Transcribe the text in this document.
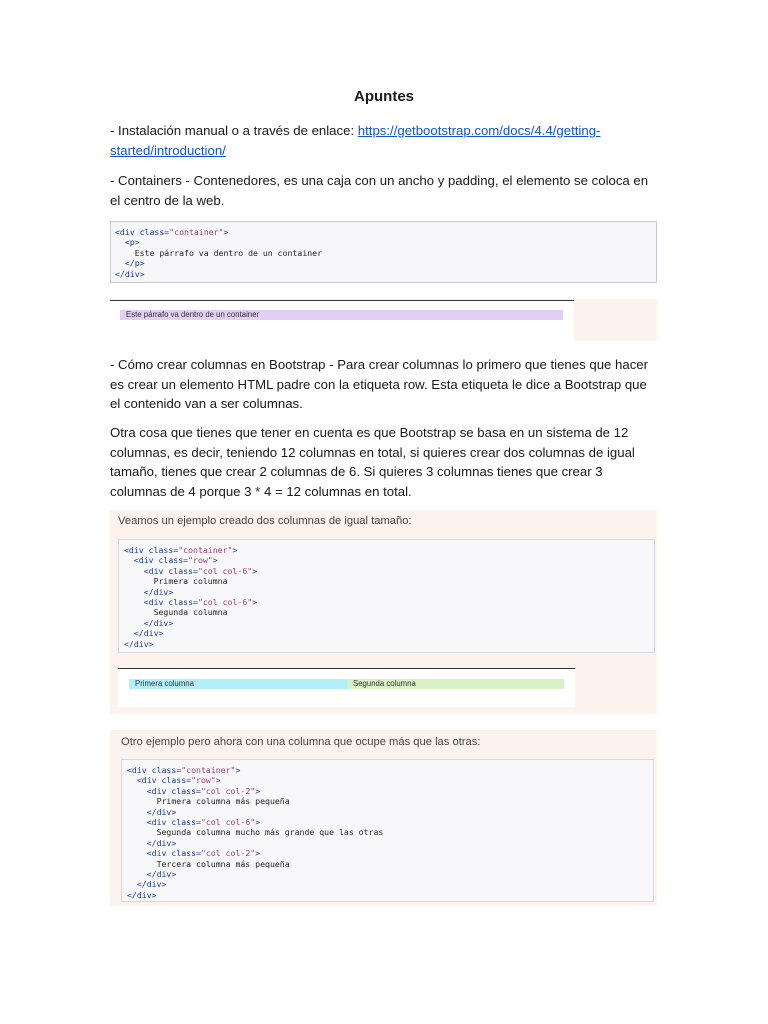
Apuntes

- Instalación manual o a través de enlace: https://getbootstrap.com/docs/4.4/getting-started/introduction/

- Containers - Contenedores, es una caja con un ancho y padding, el elemento se coloca en el centro de la web.

<div class="container">
<p>
Este párrafo va dentro de un container
</p>
</div>
Este párrafo va dentro de un container

- Cómo crear columnas en Bootstrap - Para crear columnas lo primero que tienes que hacer es crear un elemento HTML padre con la etiqueta row. Esta etiqueta le dice a Bootstrap que el contenido van a ser columnas.

Otra cosa que tienes que tener en cuenta es que Bootstrap se basa en un sistema de 12 columnas, es decir, teniendo 12 columnas en total, si quieres crear dos columnas de igual tamaño, tienes que crear 2 columnas de 6. Si quieres 3 columnas tienes que crear 3 columnas de 4 porque 3 * 4 = 12 columnas en total.

Veamos un ejemplo creado dos columnas de igual tamaño:
<div class="container">
<div class="row">
<div class="col col-6">
Primera columna
</div>
<div class="col col-6">
Segunda columna
</div>
</div>
</div>
Primera columna	Segunda columna
Otro ejemplo pero ahora con una columna que ocupe más que las otras:
<div class="container">
<div class="row">
<div class="col col-2">
Primera columna más pequeña
</div>
<div class="col col-6">
Segunda columna mucho más grande que las otras
</div>
<div class="col col-2">
Tercera columna más pequeña
</div>
</div>
</div>
